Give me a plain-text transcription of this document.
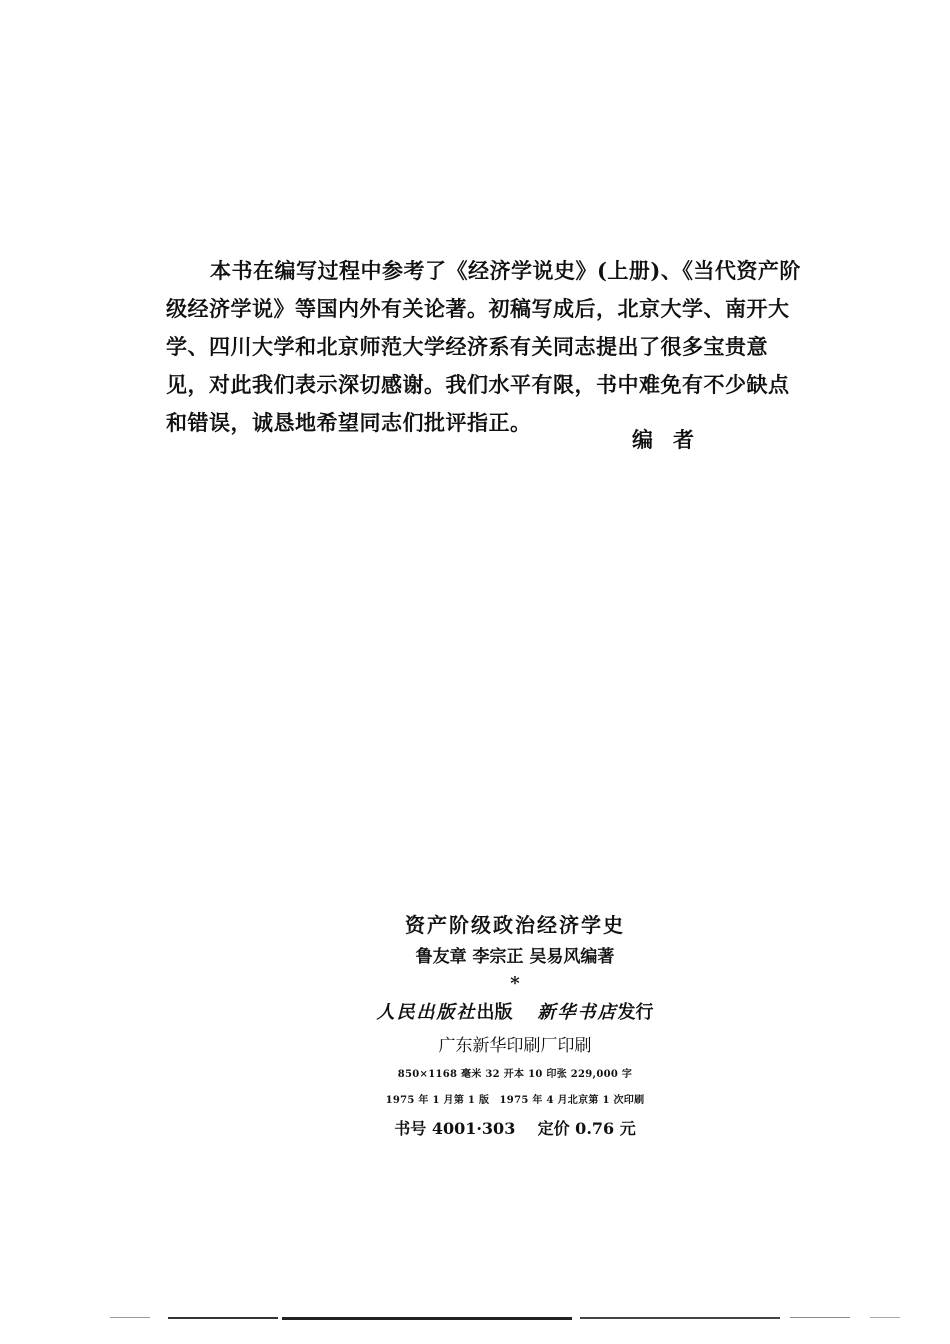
本书在编写过程中参考了《经济学说史》(上册)、《当代资产阶
级经济学说》等国内外有关论著。初稿写成后，北京大学、南开大
学、四川大学和北京师范大学经济系有关同志提出了很多宝贵意
见，对此我们表示深切感谢。我们水平有限，书中难免有不少缺点
和错误，诚恳地希望同志们批评指正。
编者
资产阶级政治经济学史
鲁友章 李宗正 吴易风编著
*
人民出版社出版 新华书店发行
广东新华印刷厂印刷
850×1168 毫米 32 开本 10 印张 229,000 字
1975 年 1 月第 1 版　1975 年 4 月北京第 1 次印刷
书号 4001·303 定价 0.76 元
